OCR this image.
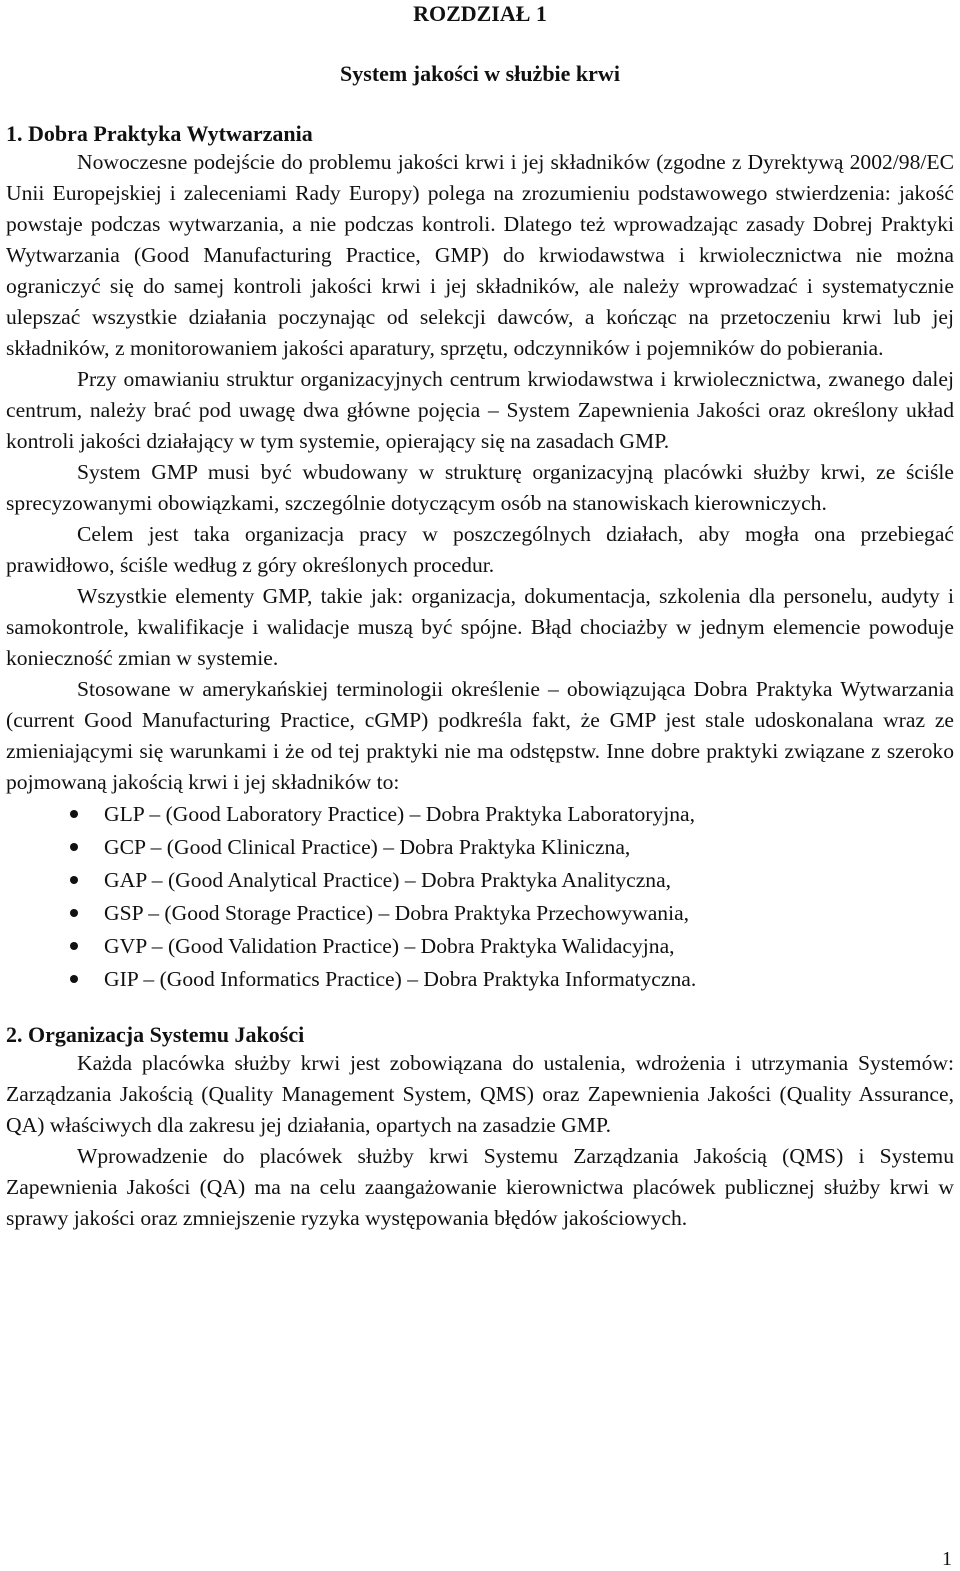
ROZDZIAŁ 1
System jakości w służbie krwi
1. Dobra Praktyka Wytwarzania

Nowoczesne podejście do problemu jakości krwi i jej składników (zgodne z Dyrektywą 2002/98/EC Unii Europejskiej i zaleceniami Rady Europy) polega na zrozumieniu podstawowego stwierdzenia: jakość powstaje podczas wytwarzania, a nie podczas kontroli. Dlatego też wprowadzając zasady Dobrej Praktyki Wytwarzania (Good Manufacturing Practice, GMP) do krwiodawstwa i krwiolecznictwa nie można ograniczyć się do samej kontroli jakości krwi i jej składników, ale należy wprowadzać i systematycznie ulepszać wszystkie działania poczynając od selekcji dawców, a kończąc na przetoczeniu krwi lub jej składników, z monitorowaniem jakości aparatury, sprzętu, odczynników i pojemników do pobierania.

Przy omawianiu struktur organizacyjnych centrum krwiodawstwa i krwiolecznictwa, zwanego dalej centrum, należy brać pod uwagę dwa główne pojęcia – System Zapewnienia Jakości oraz określony układ kontroli jakości działający w tym systemie, opierający się na zasadach GMP.

System GMP musi być wbudowany w strukturę organizacyjną placówki służby krwi, ze ściśle sprecyzowanymi obowiązkami, szczególnie dotyczącym osób na stanowiskach kierowniczych.

Celem jest taka organizacja pracy w poszczególnych działach, aby mogła ona przebiegać prawidłowo, ściśle według z góry określonych procedur.

Wszystkie elementy GMP, takie jak: organizacja, dokumentacja, szkolenia dla personelu, audyty i samokontrole, kwalifikacje i walidacje muszą być spójne. Błąd chociażby w jednym elemencie powoduje konieczność zmian w systemie.

Stosowane w amerykańskiej terminologii określenie – obowiązująca Dobra Praktyka Wytwarzania (current Good Manufacturing Practice, cGMP) podkreśla fakt, że GMP jest stale udoskonalana wraz ze zmieniającymi się warunkami i że od tej praktyki nie ma odstępstw. Inne dobre praktyki związane z szeroko pojmowaną jakością krwi i jej składników to:

GLP – (Good Laboratory Practice) – Dobra Praktyka Laboratoryjna,
GCP – (Good Clinical Practice) – Dobra Praktyka Kliniczna,
GAP – (Good Analytical Practice) – Dobra Praktyka Analityczna,
GSP – (Good Storage Practice) – Dobra Praktyka Przechowywania,
GVP – (Good Validation Practice) – Dobra Praktyka Walidacyjna,
GIP – (Good Informatics Practice) – Dobra Praktyka Informatyczna.
2. Organizacja Systemu Jakości

Każda placówka służby krwi jest zobowiązana do ustalenia, wdrożenia i utrzymania Systemów: Zarządzania Jakością (Quality Management System, QMS) oraz Zapewnienia Jakości (Quality Assurance, QA) właściwych dla zakresu jej działania, opartych na zasadzie GMP.

Wprowadzenie do placówek służby krwi Systemu Zarządzania Jakością (QMS) i Systemu Zapewnienia Jakości (QA) ma na celu zaangażowanie kierownictwa placówek publicznej służby krwi w sprawy jakości oraz zmniejszenie ryzyka występowania błędów jakościowych.

1
